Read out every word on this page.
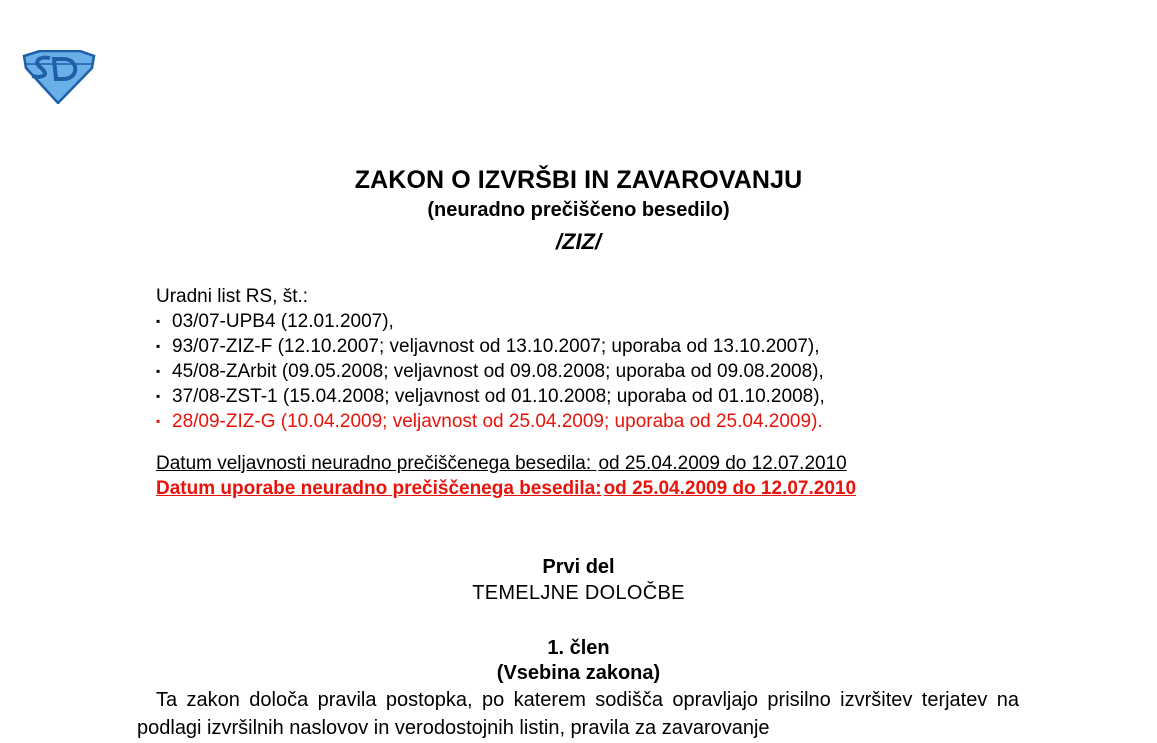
ZAKON O IZVRŠBI IN ZAVAROVANJU
(neuradno prečiščeno besedilo)
/ZIZ/
Uradni list RS, št.:
▪ 03/07-UPB4 (12.01.2007),
▪ 93/07-ZIZ-F (12.10.2007; veljavnost od 13.10.2007; uporaba od 13.10.2007),
▪ 45/08-ZArbit (09.05.2008; veljavnost od 09.08.2008; uporaba od 09.08.2008),
▪ 37/08-ZST-1 (15.04.2008; veljavnost od 01.10.2008; uporaba od 01.10.2008),
▪ 28/09-ZIZ-G (10.04.2009; veljavnost od 25.04.2009; uporaba od 25.04.2009).
Datum veljavnosti neuradno prečiščenega besedila: od 25.04.2009 do 12.07.2010
Datum uporabe neuradno prečiščenega besedila: od 25.04.2009 do 12.07.2010
Prvi del
TEMELJNE DOLOČBE
1. člen
(Vsebina zakona)
Ta zakon določa pravila postopka, po katerem sodišča opravljajo prisilno izvršitev terjatev na podlagi izvršilnih naslovov in verodostojnih listin, pravila za zavarovanje
